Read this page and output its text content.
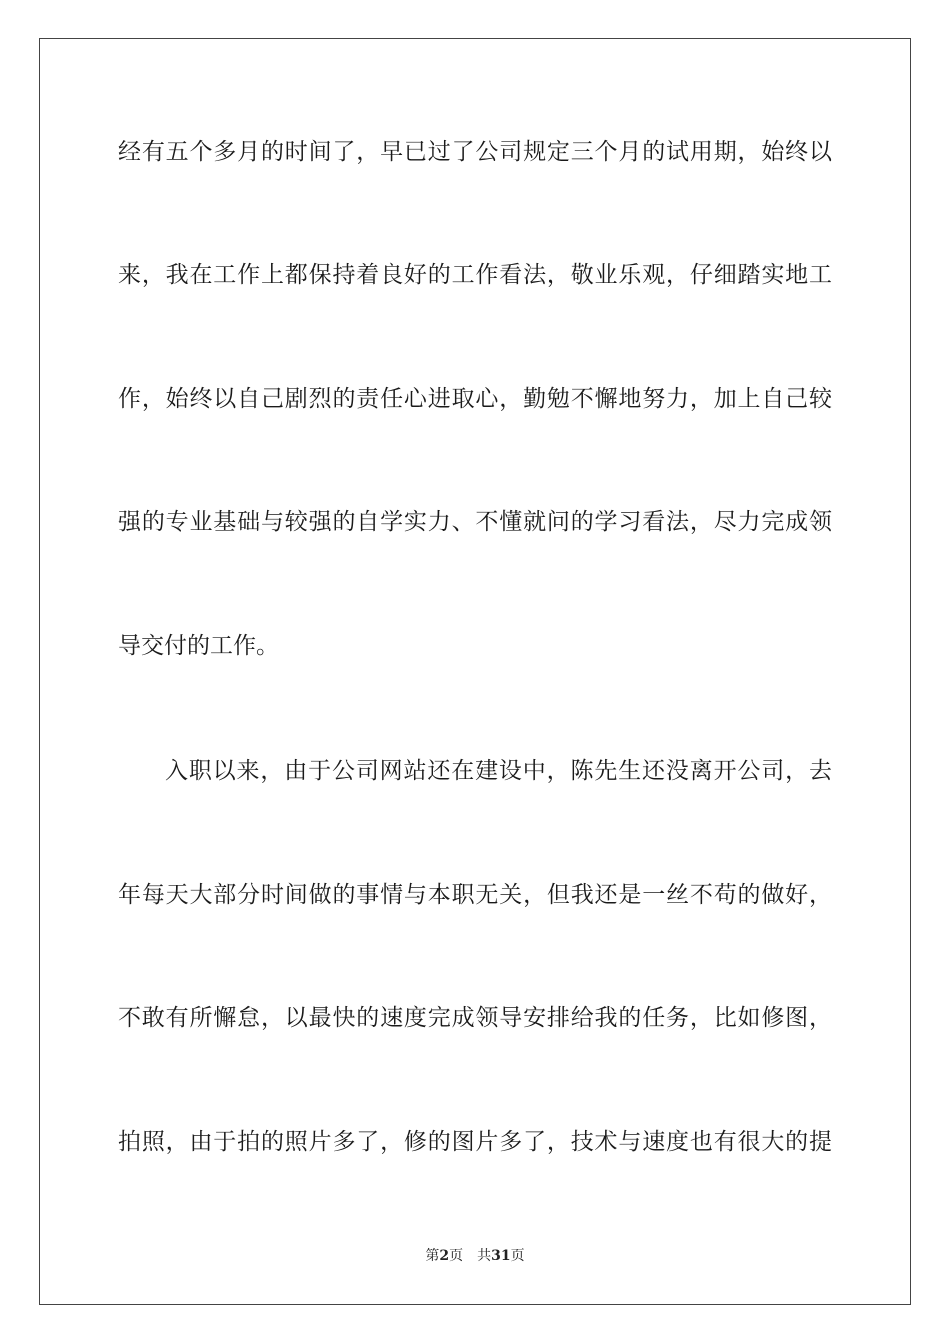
经有五个多月的时间了，早已过了公司规定三个月的试用期，始终以
来，我在工作上都保持着良好的工作看法，敬业乐观，仔细踏实地工
作，始终以自己剧烈的责任心进取心，勤勉不懈地努力，加上自己较
强的专业基础与较强的自学实力、不懂就问的学习看法，尽力完成领
导交付的工作。
入职以来，由于公司网站还在建设中，陈先生还没离开公司，去
年每天大部分时间做的事情与本职无关，但我还是一丝不苟的做好，
不敢有所懈怠，以最快的速度完成领导安排给我的任务，比如修图，
拍照，由于拍的照片多了，修的图片多了，技术与速度也有很大的提
第2页 共31页
